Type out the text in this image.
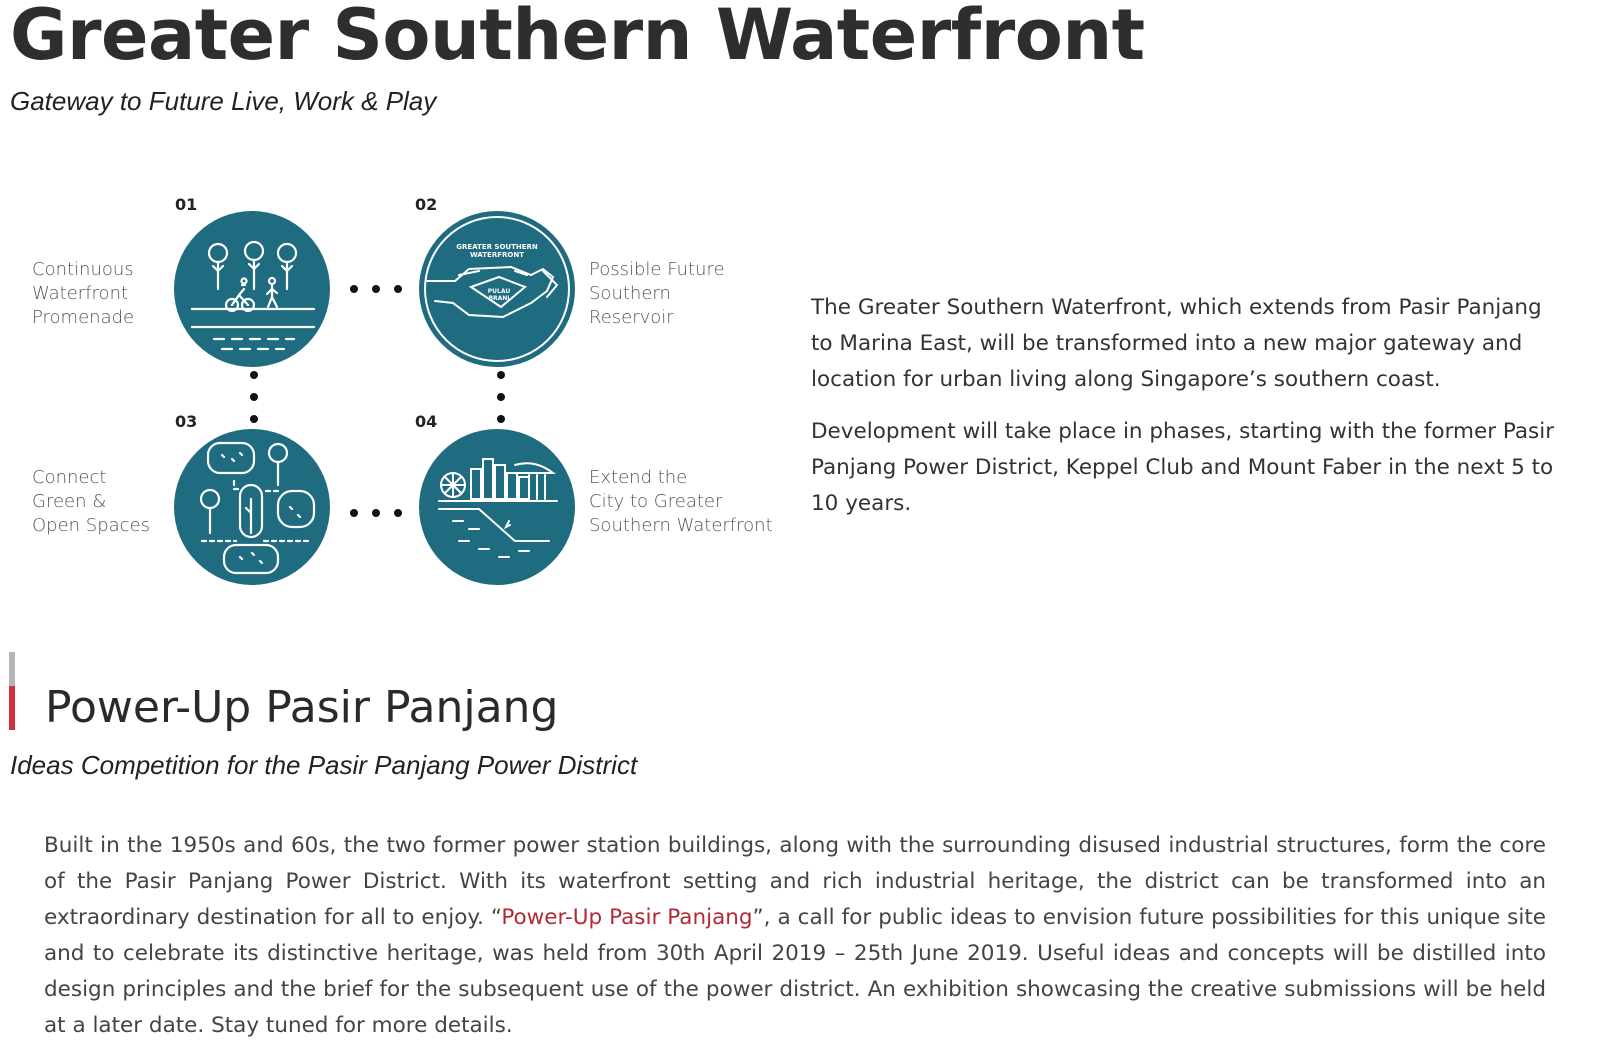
Greater Southern Waterfront
Gateway to Future Live, Work & Play
01
Continuous
Waterfront
Promenade
02
Possible Future
Southern
Reservoir
GREATER SOUTHERN
WATERFRONT
PULAU
BRANI
03
Connect
Green &
Open Spaces
04
Extend the
City to Greater
Southern Waterfront

The Greater Southern Waterfront, which extends from Pasir Panjang to Marina East, will be transformed into a new major gateway and location for urban living along Singapore’s southern coast.

Development will take place in phases, starting with the former Pasir Panjang Power District, Keppel Club and Mount Faber in the next 5 to 10 years.

Power-Up Pasir Panjang
Ideas Competition for the Pasir Panjang Power District

Built in the 1950s and 60s, the two former power station buildings, along with the surrounding disused industrial structures, form the core of the Pasir Panjang Power District. With its waterfront setting and rich industrial heritage, the district can be transformed into an extraordinary destination for all to enjoy. “Power-Up Pasir Panjang”, a call for public ideas to envision future possibilities for this unique site and to celebrate its distinctive heritage, was held from 30th April 2019 – 25th June 2019. Useful ideas and concepts will be distilled into design principles and the brief for the subsequent use of the power district. An exhibition showcasing the creative submissions will be held at a later date. Stay tuned for more details.
